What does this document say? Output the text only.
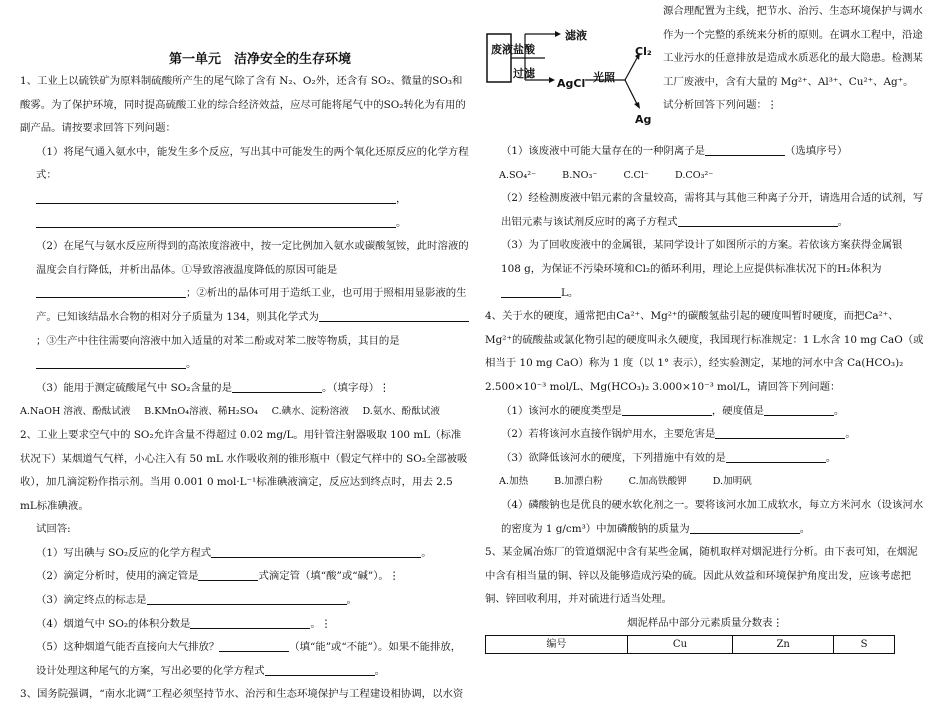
第一单元　洁净安全的生存环境

1、工业上以硫铁矿为原料制硫酸所产生的尾气除了含有 N₂、O₂外，还含有 SO₂、微量的SO₃和酸雾。为了保护环境，同时提高硫酸工业的综合经济效益，应尽可能将尾气中的SO₂转化为有用的副产品。请按要求回答下列问题：

（1）将尾气通入氨水中，能发生多个反应，写出其中可能发生的两个氧化还原反应的化学方程式：

，

。

（2）在尾气与氨水反应所得到的高浓度溶液中，按一定比例加入氨水或碳酸氢铵，此时溶液的温度会自行降低，并析出晶体。①导致溶液温度降低的原因可能是；②析出的晶体可用于造纸工业，也可用于照相用显影液的生产。已知该结晶水合物的相对分子质量为 134，则其化学式为；③生产中往往需要向溶液中加入适量的对苯二酚或对苯二胺等物质，其目的是。

（3）能用于测定硫酸尾气中 SO₂含量的是	。（填字母）⋮

A.NaOH 溶液、酚酞试液 B.KMnO₄溶液、稀H₂SO₄ C.碘水、淀粉溶液 D.氨水、酚酞试液

2、工业上要求空气中的 SO₂允许含量不得超过 0.02 mg/L。用针管注射器吸取 100 mL（标准状况下）某烟道气气样，小心注入有 50 mL 水作吸收剂的锥形瓶中（假定气样中的 SO₂全部被吸收），加几滴淀粉作指示剂。当用 0.001 0 mol·L⁻¹标准碘液滴定，反应达到终点时，用去 2.5 mL标准碘液。

试回答:

（1）写出碘与 SO₂反应的化学方程式	。

（2）滴定分析时，使用的滴定管是	式滴定管（填“酸”或“碱”）。⋮

（3）滴定终点的标志是	。

（4）烟道气中 SO₂的体积分数是	。⋮

（5）这种烟道气能否直接向大气排放？	（填“能”或“不能”）。如果不能排放，设计处理这种尾气的方案，写出必要的化学方程式	。

3、国务院强调，“南水北调”工程必须坚持节水、治污和生态环境保护与工程建设相协调，以水资

废液 盐酸
过滤
滤液
AgCl 光照
Cl₂
Ag
源合理配置为主线，把节水、治污、生态环境保护与调水作为一个完整的系统来分析的原则。在调水工程中，沿途工业污水的任意排放是造成水质恶化的最大隐患。检测某工厂废液中，含有大量的 Mg²⁺、Al³⁺、Cu²⁺、Ag⁺。试分析回答下列问题：⋮

（1）该废液中可能大量存在的一种阴离子是	（选填序号）

A.SO₄²⁻	B.NO₃⁻	C.Cl⁻	D.CO₃²⁻

（2）经检测废液中铝元素的含量较高，需将其与其他三种离子分开，请选用合适的试剂，写出铝元素与该试剂反应时的离子方程式	。

（3）为了回收废液中的金属银，某同学设计了如图所示的方案。若依该方案获得金属银 108 g，为保证不污染环境和Cl₂的循环利用，理论上应提供标准状况下的H₂体积为L。

4、关于水的硬度，通常把由Ca²⁺、Mg²⁺的碳酸氢盐引起的硬度叫暂时硬度，而把Ca²⁺、Mg²⁺的硫酸盐或氯化物引起的硬度叫永久硬度，我国现行标准规定：1 L水含 10 mg CaO（或相当于 10 mg CaO）称为 1 度（以 1° 表示），经实验测定，某地的河水中含 Ca(HCO₃)₂ 2.500×10⁻³ mol/L、Mg(HCO₃)₂ 3.000×10⁻³ mol/L，请回答下列问题：

（1）该河水的硬度类型是	，硬度值是	。

（2）若将该河水直接作锅炉用水，主要危害是	。

（3）欲降低该河水的硬度，下列措施中有效的是	。

A.加热	B.加漂白粉	C.加高铁酸钾	D.加明矾

（4）磷酸钠也是优良的硬水软化剂之一。要将该河水加工成软水，每立方米河水（设该河水的密度为 1 g/cm³）中加磷酸钠的质量为	。

5、某金属冶炼厂的管道烟泥中含有某些金属，随机取样对烟泥进行分析。由下表可知，在烟泥中含有相当量的铜、锌以及能够造成污染的硫。因此从效益和环境保护角度出发，应该考虑把铜、锌回收利用，并对硫进行适当处理。

烟泥样品中部分元素质量分数表⋮

编号	Cu	Zn	S
